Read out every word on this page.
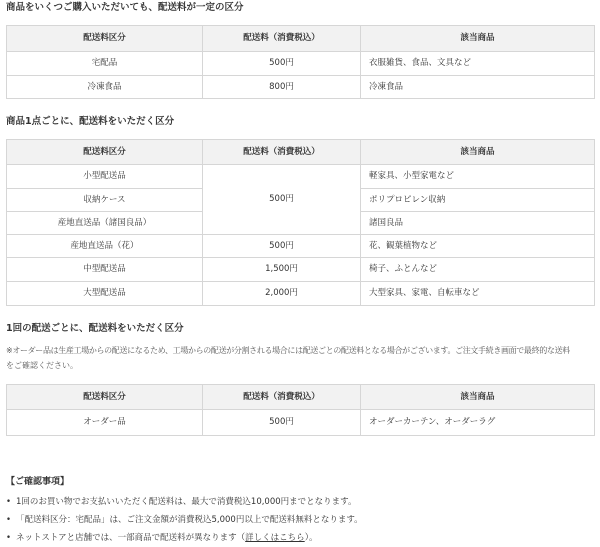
商品をいくつご購入いただいても、配送料が一定の区分
配送料区分	配送料（消費税込）	該当商品
宅配品	500円	衣服雑貨、食品、文具など
冷凍食品	800円	冷凍食品
商品1点ごとに、配送料をいただく区分
配送料区分	配送料（消費税込）	該当商品
小型配送品	500円	軽家具、小型家電など
収納ケース		ポリプロピレン収納
産地直送品（諸国良品）		諸国良品
産地直送品（花）	500円	花、観葉植物など
中型配送品	1,500円	椅子、ふとんなど
大型配送品	2,000円	大型家具、家電、自転車など
1回の配送ごとに、配送料をいただく区分
※オーダー品は生産工場からの配送になるため、工場からの配送が分割される場合には配送ごとの配送料となる場合がございます。ご注文手続き画面で最終的な送料
をご確認ください。
配送料区分	配送料（消費税込）	該当商品
オーダー品	500円	オーダーカーテン、オーダーラグ
【ご確認事項】
• 1回のお買い物でお支払いいただく配送料は、最大で消費税込10,000円までとなります。
• 「配送料区分：宅配品」は、ご注文金額が消費税込5,000円以上で配送料無料となります。
• ネットストアと店舗では、一部商品で配送料が異なります（詳しくはこちら）。
